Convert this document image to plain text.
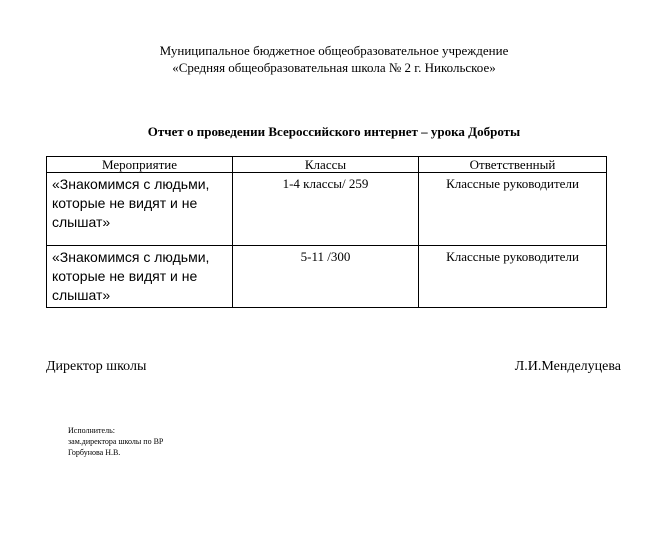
Муниципальное бюджетное общеобразовательное учреждение
«Средняя общеобразовательная школа № 2 г. Никольское»
Отчет о проведении Всероссийского интернет – урока Доброты
Мероприятие	Классы	Ответственный
«Знакомимся с людьми, которые не видят и не слышат»	1-4 классы/ 259	Классные руководители
«Знакомимся с людьми, которые не видят и не слышат»	5-11 /300	Классные руководители
Директор школы	Л.И.Менделуцева
Исполнитель:
зам.директора школы по ВР
Горбунова Н.В.
